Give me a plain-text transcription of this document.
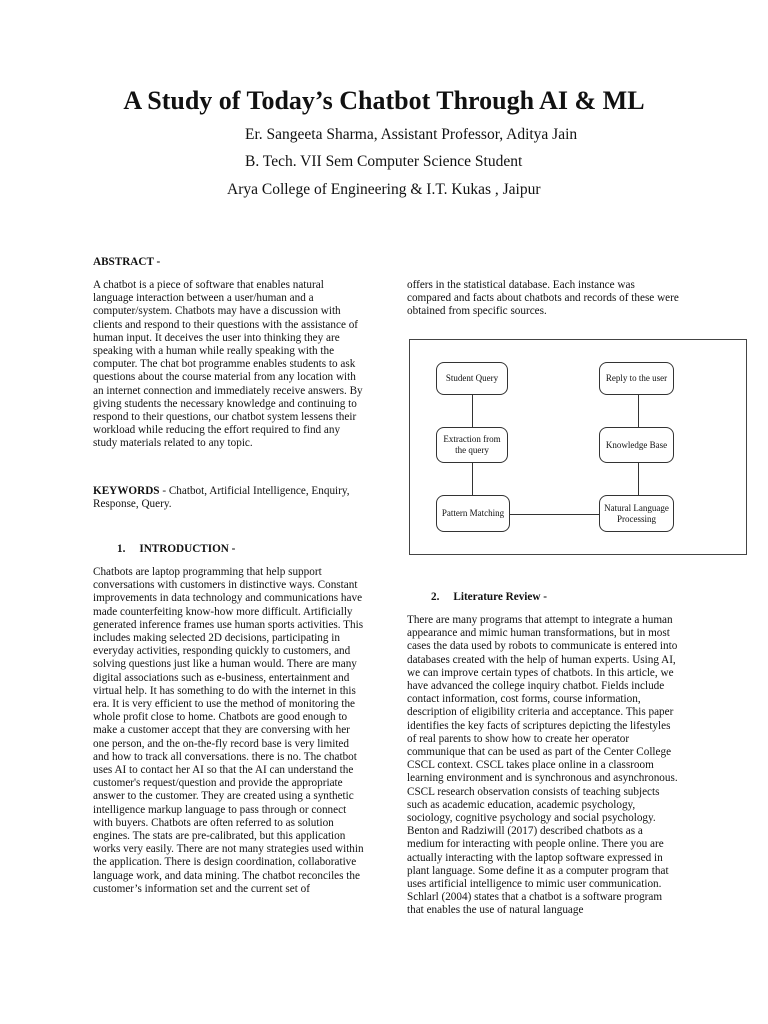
A Study of Today’s Chatbot Through AI & ML

Er. Sangeeta Sharma, Assistant Professor, Aditya Jain

B. Tech. VII Sem Computer Science Student

Arya College of Engineering & I.T. Kukas , Jaipur

ABSTRACT -

A chatbot is a piece of software that enables natural language interaction between a user/human and a computer/system. Chatbots may have a discussion with clients and respond to their questions with the assistance of human input. It deceives the user into thinking they are speaking with a human while really speaking with the computer. The chat bot programme enables students to ask questions about the course material from any location with an internet connection and immediately receive answers. By giving students the necessary knowledge and continuing to respond to their questions, our chatbot system lessens their workload while reducing the effort required to find any study materials related to any topic.

KEYWORDS - Chatbot, Artificial Intelligence, Enquiry, Response, Query.

1.     INTRODUCTION -

Chatbots are laptop programming that help support conversations with customers in distinctive ways. Constant improvements in data technology and communications have made counterfeiting know-how more difficult. Artificially generated inference frames use human sports activities. This includes making selected 2D decisions, participating in everyday activities, responding quickly to customers, and solving questions just like a human would. There are many digital associations such as e-business, entertainment and virtual help. It has something to do with the internet in this era. It is very efficient to use the method of monitoring the whole profit close to home. Chatbots are good enough to make a customer accept that they are conversing with her one person, and the on-the-fly record base is very limited and how to track all conversations. there is no. The chatbot uses AI to contact her AI so that the AI can understand the customer's request/question and provide the appropriate answer to the customer. They are created using a synthetic intelligence markup language to pass through or connect with buyers. Chatbots are often referred to as solution engines. The stats are pre-calibrated, but this application works very easily. There are not many strategies used within the application. There is design coordination, collaborative language work, and data mining. The chatbot reconciles the customer’s information set and the current set of

offers in the statistical database. Each instance was compared and facts about chatbots and records of these were obtained from specific sources.

Student Query
Extraction from the query
Pattern Matching
Reply to the user
Knowledge Base
Natural Language Processing

2.     Literature Review -

There are many programs that attempt to integrate a human appearance and mimic human transformations, but in most cases the data used by robots to communicate is entered into databases created with the help of human experts. Using AI, we can improve certain types of chatbots. In this article, we have advanced the college inquiry chatbot. Fields include contact information, cost forms, course information, description of eligibility criteria and acceptance. This paper identifies the key facts of scriptures depicting the lifestyles of real parents to show how to create her operator communique that can be used as part of the Center College CSCL context. CSCL takes place online in a classroom learning environment and is synchronous and asynchronous. CSCL research observation consists of teaching subjects such as academic education, academic psychology, sociology, cognitive psychology and social psychology. Benton and Radziwill (2017) described chatbots as a medium for interacting with people online. There you are actually interacting with the laptop software expressed in plant language. Some define it as a computer program that uses artificial intelligence to mimic user communication. Schlarl (2004) states that a chatbot is a software program that enables the use of natural language
